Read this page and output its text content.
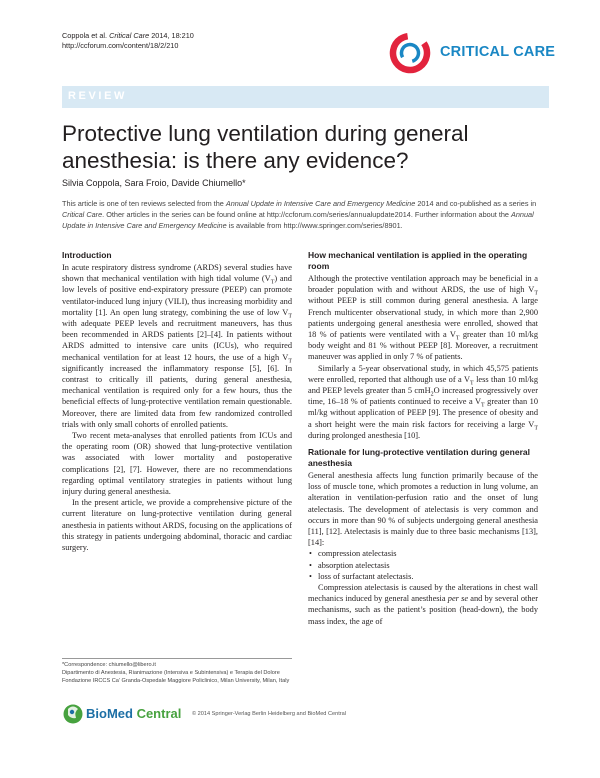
Coppola et al. Critical Care 2014, 18:210
http://ccforum.com/content/18/2/210	CRITICAL CARE
REVIEW
Protective lung ventilation during general anesthesia: is there any evidence?
Silvia Coppola, Sara Froio, Davide Chiumello*
This article is one of ten reviews selected from the Annual Update in Intensive Care and Emergency Medicine 2014 and co-published as a series in Critical Care. Other articles in the series can be found online at http://ccforum.com/series/annualupdate2014. Further information about the Annual Update in Intensive Care and Emergency Medicine is available from http://www.springer.com/series/8901.
Introduction

In acute respiratory distress syndrome (ARDS) several studies have shown that mechanical ventilation with high tidal volume $(V_T)$ and low levels of positive end-expiratory pressure (PEEP) can promote ventilator-induced lung injury (VILI), thus increasing morbidity and mortality [1]. An open lung strategy, combining the use of low $V_T$ with adequate PEEP levels and recruitment maneuvers, has thus been recommended in ARDS patients [2]–[4]. In patients without ARDS admitted to intensive care units (ICUs), who required mechanical ventilation for at least 12 hours, the use of a high $V_T$ significantly increased the inflammatory response [5], [6]. In contrast to critically ill patients, during general anesthesia, mechanical ventilation is required only for a few hours, thus the beneficial effects of lung-protective ventilation remain questionable. Moreover, there are limited data from few randomized controlled trials with only small cohorts of enrolled patients.

Two recent meta-analyses that enrolled patients from ICUs and the operating room (OR) showed that lung-protective ventilation was associated with lower mortality and postoperative complications [2], [7]. However, there are no recommendations regarding optimal ventilatory strategies in patients without lung injury during general anesthesia.

In the present article, we provide a comprehensive picture of the current literature on lung-protective ventilation during general anesthesia in patients without ARDS, focusing on the applications of this strategy in patients undergoing abdominal, thoracic and cardiac surgery.

How mechanical ventilation is applied in the operating room

Although the protective ventilation approach may be beneficial in a broader population with and without ARDS, the use of high $V_T$ without PEEP is still common during general anesthesia. A large French multicenter observational study, in which more than 2,900 patients undergoing general anesthesia were enrolled, showed that 18 % of patients were ventilated with a $V_T$ greater than 10 ml/kg body weight and 81 % without PEEP [8]. Moreover, a recruitment maneuver was applied in only 7 % of patients.

Similarly a 5-year observational study, in which 45,575 patients were enrolled, reported that although use of a $V_T$ less than 10 ml/kg and PEEP levels greater than 5 cmH$_2$O increased progressively over time, 16–18 % of patients continued to receive a $V_T$ greater than 10 ml/kg without application of PEEP [9]. The presence of obesity and a short height were the main risk factors for receiving a large $V_T$ during prolonged anesthesia [10].

Rationale for lung-protective ventilation during general anesthesia

General anesthesia affects lung function primarily because of the loss of muscle tone, which promotes a reduction in lung volume, an alteration in ventilation-perfusion ratio and the onset of lung atelectasis. The development of atelectasis is very common and occurs in more than 90 % of subjects undergoing general anesthesia [11], [12]. Atelectasis is mainly due to three basic mechanisms [13], [14]:

• compression atelectasis
• absorption atelectasis
• loss of surfactant atelectasis.

Compression atelectasis is caused by the alterations in chest wall mechanics induced by general anesthesia per se and by several other mechanisms, such as the patient’s position (head-down), the body mass index, the age of

*Correspondence: chiumello@libero.it
Dipartimento di Anestesia, Rianimazione (Intensiva e Subintensiva) e Terapia del Dolore Fondazione IRCCS Ca’ Granda-Ospedale Maggiore Policlinico, Milan University, Milan, Italy
BioMed Central © 2014 Springer-Verlag Berlin Heidelberg and BioMed Central
